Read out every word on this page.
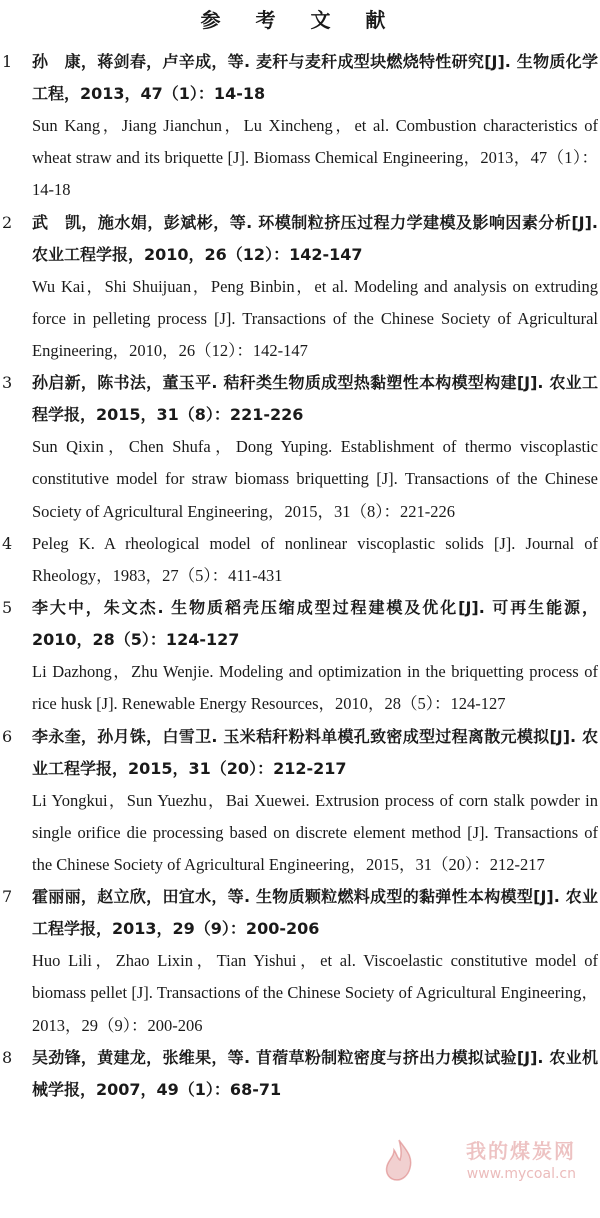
参 考 文 献
1 孙　康，蒋剑春，卢辛成，等. 麦秆与麦秆成型块燃烧特性研究[J]. 生物质化学工程，2013，47（1）：14-18
Sun Kang，Jiang Jianchun，Lu Xincheng，et al. Combustion characteristics of wheat straw and its briquette [J]. Biomass Chemical Engineering，2013，47（1）：14-18
2 武　凯，施水娟，彭斌彬，等. 环模制粒挤压过程力学建模及影响因素分析[J]. 农业工程学报，2010，26（12）：142-147
Wu Kai，Shi Shuijuan，Peng Binbin，et al. Modeling and analysis on extruding force in pelleting process [J]. Transactions of the Chinese Society of Agricultural Engineering，2010，26（12）：142-147
3 孙启新，陈书法，董玉平. 秸秆类生物质成型热黏塑性本构模型构建[J]. 农业工程学报，2015，31（8）：221-226
Sun Qixin，Chen Shufa，Dong Yuping. Establishment of thermo viscoplastic constitutive model for straw biomass briquetting [J]. Transactions of the Chinese Society of Agricultural Engineering，2015，31（8）：221-226
4 Peleg K. A rheological model of nonlinear viscoplastic solids [J]. Journal of Rheology，1983，27（5）：411-431
5 李大中，朱文杰. 生物质稻壳压缩成型过程建模及优化[J]. 可再生能源，2010，28（5）：124-127
Li Dazhong，Zhu Wenjie. Modeling and optimization in the briquetting process of rice husk [J]. Renewable Energy Resources，2010，28（5）：124-127
6 李永奎，孙月铢，白雪卫. 玉米秸秆粉料单模孔致密成型过程离散元模拟[J]. 农业工程学报，2015，31（20）：212-217
Li Yongkui，Sun Yuezhu，Bai Xuewei. Extrusion process of corn stalk powder in single orifice die processing based on discrete element method [J]. Transactions of the Chinese Society of Agricultural Engineering，2015，31（20）：212-217
7 霍丽丽，赵立欣，田宜水，等. 生物质颗粒燃料成型的黏弹性本构模型[J]. 农业工程学报，2013，29（9）：200-206
Huo Lili，Zhao Lixin，Tian Yishui，et al. Viscoelastic constitutive model of biomass pellet [J]. Transactions of the Chinese Society of Agricultural Engineering，2013，29（9）：200-206
8 吴劲锋，黄建龙，张维果，等. 苜蓿草粉制粒密度与挤出力模拟试验[J]. 农业机械学报，2007，49（1）：68-71
我的煤炭网
www.mycoal.cn
